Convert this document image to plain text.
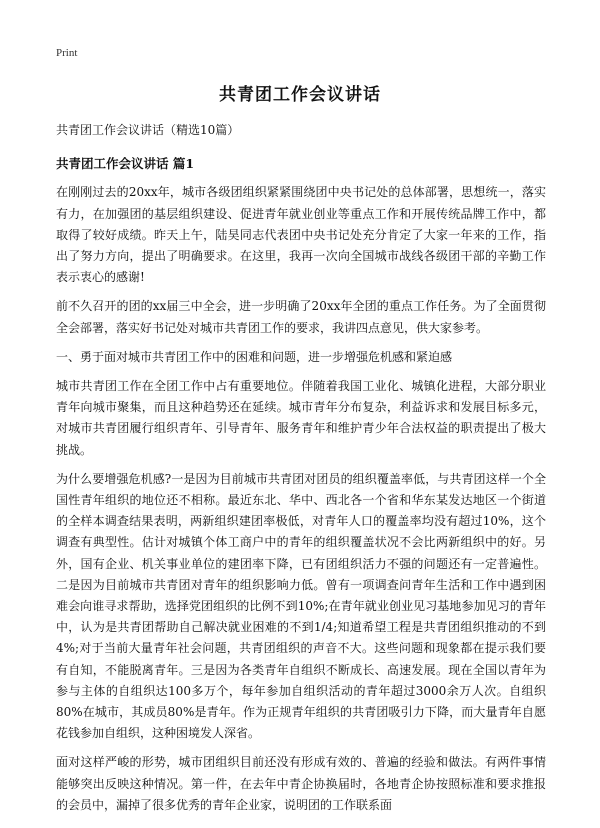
Print
共青团工作会议讲话

共青团工作会议讲话（精选10篇）

共青团工作会议讲话 篇1

在刚刚过去的20xx年，城市各级团组织紧紧围绕团中央书记处的总体部署，思想统一，落实有力，在加强团的基层组织建设、促进青年就业创业等重点工作和开展传统品牌工作中，都取得了较好成绩。昨天上午，陆昊同志代表团中央书记处充分肯定了大家一年来的工作，指出了努力方向，提出了明确要求。在这里，我再一次向全国城市战线各级团干部的辛勤工作表示衷心的感谢!

前不久召开的团的xx届三中全会，进一步明确了20xx年全团的重点工作任务。为了全面贯彻全会部署，落实好书记处对城市共青团工作的要求，我讲四点意见，供大家参考。

一、勇于面对城市共青团工作中的困难和问题，进一步增强危机感和紧迫感

城市共青团工作在全团工作中占有重要地位。伴随着我国工业化、城镇化进程，大部分职业青年向城市聚集，而且这种趋势还在延续。城市青年分布复杂，利益诉求和发展目标多元，对城市共青团履行组织青年、引导青年、服务青年和维护青少年合法权益的职责提出了极大挑战。

为什么要增强危机感?一是因为目前城市共青团对团员的组织覆盖率低，与共青团这样一个全国性青年组织的地位还不相称。最近东北、华中、西北各一个省和华东某发达地区一个街道的全样本调查结果表明，两新组织建团率极低，对青年人口的覆盖率均没有超过10%，这个调查有典型性。估计对城镇个体工商户中的青年的组织覆盖状况不会比两新组织中的好。另外，国有企业、机关事业单位的建团率下降，已有团组织活力不强的问题还有一定普遍性。二是因为目前城市共青团对青年的组织影响力低。曾有一项调查问青年生活和工作中遇到困难会向谁寻求帮助，选择党团组织的比例不到10%;在青年就业创业见习基地参加见习的青年中，认为是共青团帮助自己解决就业困难的不到1/4;知道希望工程是共青团组织推动的不到4%;对于当前大量青年社会问题，共青团组织的声音不大。这些问题和现象都在提示我们要有自知，不能脱离青年。三是因为各类青年自组织不断成长、高速发展。现在全国以青年为参与主体的自组织达100多万个，每年参加自组织活动的青年超过3000余万人次。自组织80%在城市，其成员80%是青年。作为正规青年组织的共青团吸引力下降，而大量青年自愿花钱参加自组织，这种困境发人深省。

面对这样严峻的形势，城市团组织目前还没有形成有效的、普遍的经验和做法。有两件事情能够突出反映这种情况。第一件，在去年中青企协换届时，各地青企协按照标准和要求推报的会员中，漏掉了很多优秀的青年企业家，说明团的工作联系面
